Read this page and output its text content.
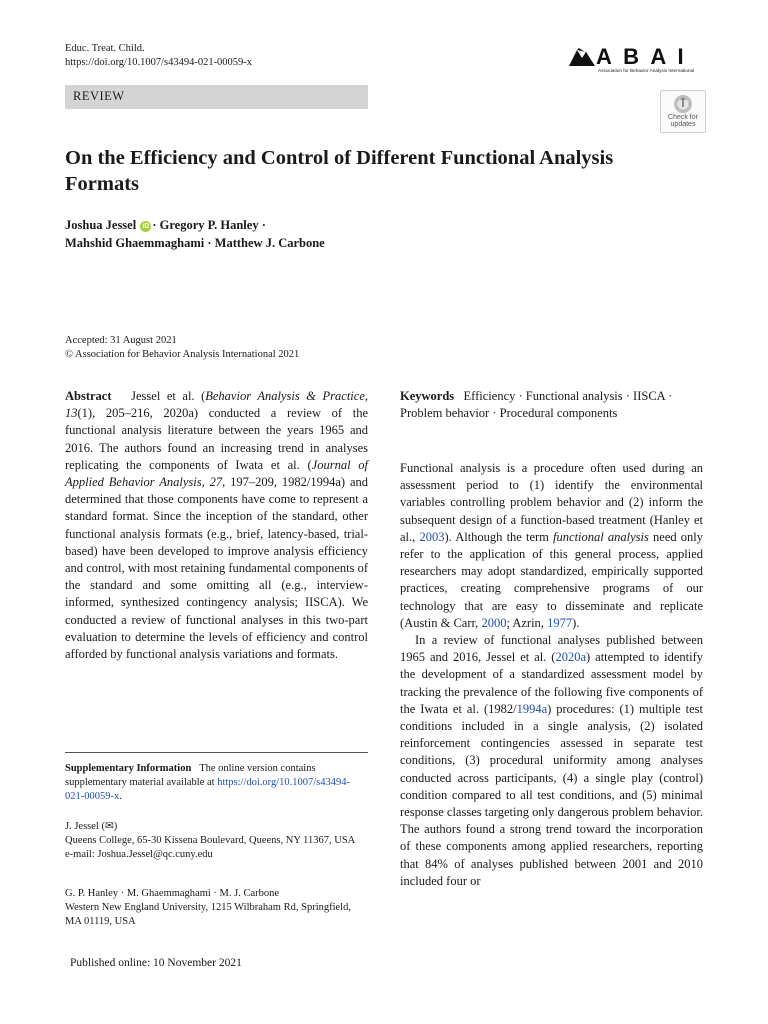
Educ. Treat. Child.
https://doi.org/10.1007/s43494-021-00059-x	A B A I
Association for Behavior Analysis International
REVIEW
Check for updates
On the Efficiency and Control of Different Functional Analysis Formats
Joshua Jessel iD · Gregory P. Hanley ·
Mahshid Ghaemmaghami · Matthew J. Carbone
Accepted: 31 August 2021
© Association for Behavior Analysis International 2021
Abstract Jessel et al. (Behavior Analysis & Practice, 13(1), 205–216, 2020a) conducted a review of the functional analysis literature between the years 1965 and 2016. The authors found an increasing trend in analyses replicating the components of Iwata et al. (Journal of Applied Behavior Analysis, 27, 197–209, 1982/1994a) and determined that those components have come to represent a standard format. Since the inception of the standard, other functional analysis formats (e.g., brief, latency-based, trial-based) have been developed to improve analysis efficiency and control, with most retaining fundamental components of the standard and some omitting all (e.g., interview-informed, synthesized contingency analysis; IISCA). We conducted a review of functional analyses in this two-part evaluation to determine the levels of efficiency and control afforded by functional analysis variations and formats.
Keywords Efficiency · Functional analysis · IISCA · Problem behavior · Procedural components

Functional analysis is a procedure often used during an assessment period to (1) identify the environmental variables controlling problem behavior and (2) inform the subsequent design of a function-based treatment (Hanley et al., 2003). Although the term functional analysis need only refer to the application of this general process, applied researchers may adopt standardized, empirically supported practices, creating comprehensive programs of our technology that are easy to disseminate and replicate (Austin & Carr, 2000; Azrin, 1977).

In a review of functional analyses published between 1965 and 2016, Jessel et al. (2020a) attempted to identify the development of a standardized assessment model by tracking the prevalence of the following five components of the Iwata et al. (1982/1994a) procedures: (1) multiple test conditions included in a single analysis, (2) isolated reinforcement contingencies assessed in separate test conditions, (3) procedural uniformity among analyses conducted across participants, (4) a single play (control) condition compared to all test conditions, and (5) minimal response classes targeting only dangerous problem behavior. The authors found a strong trend toward the incorporation of these components among applied researchers, reporting that 84% of analyses published between 2001 and 2010 included four or

Supplementary Information The online version contains supplementary material available at https://doi.org/10.1007/s43494-021-00059-x.
J. Jessel (✉)
Queens College, 65-30 Kissena Boulevard, Queens, NY 11367, USA
e-mail: Joshua.Jessel@qc.cuny.edu
G. P. Hanley · M. Ghaemmaghami · M. J. Carbone
Western New England University, 1215 Wilbraham Rd, Springfield, MA 01119, USA
Published online: 10 November 2021
